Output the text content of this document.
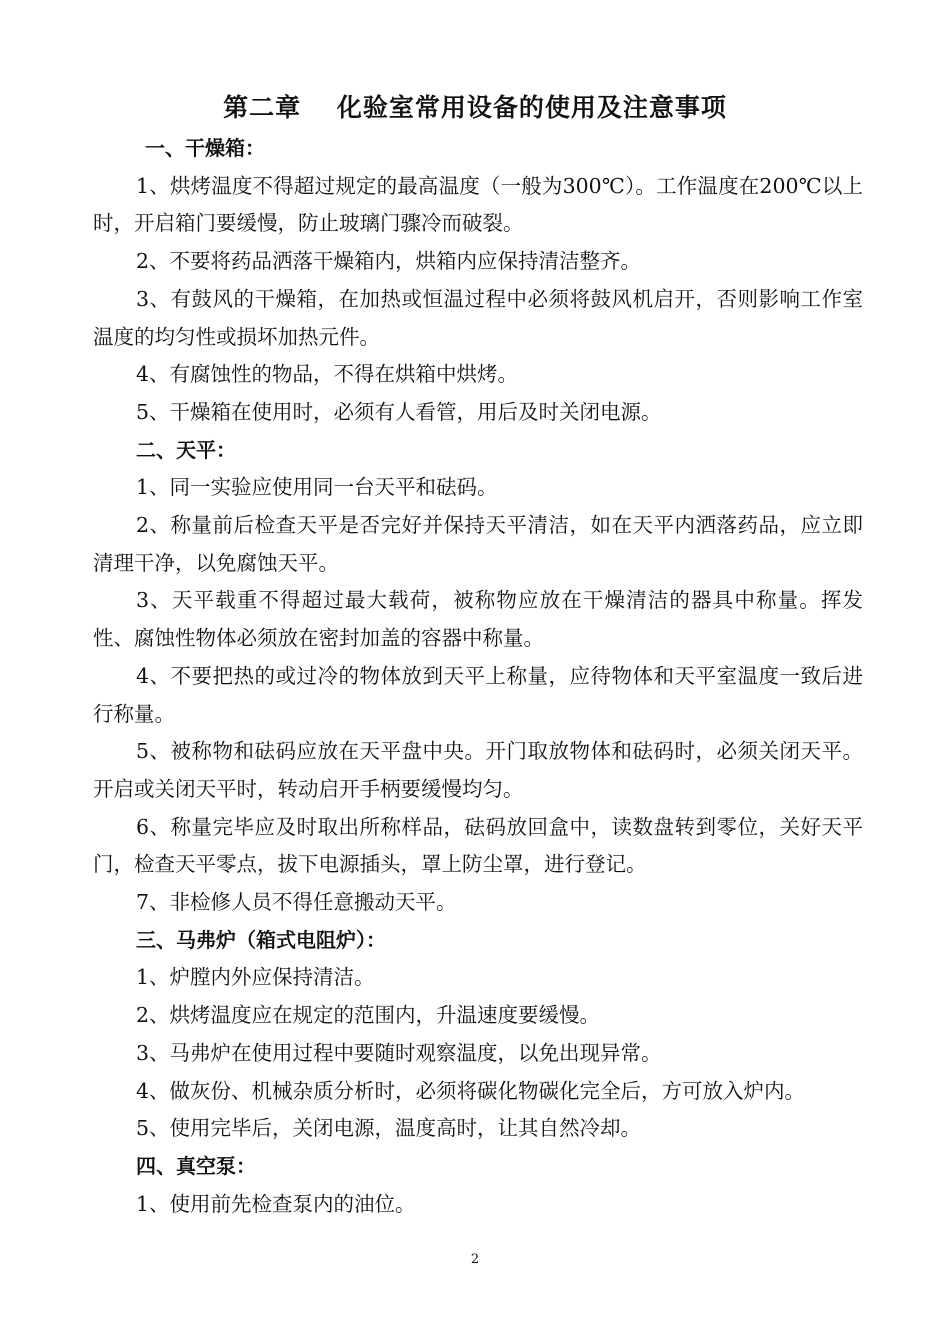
第二章　 化验室常用设备的使用及注意事项

一、干燥箱：

1、烘烤温度不得超过规定的最高温度（一般为300℃）。工作温度在200℃以上时，开启箱门要缓慢，防止玻璃门骤冷而破裂。

2、不要将药品洒落干燥箱内，烘箱内应保持清洁整齐。

3、有鼓风的干燥箱，在加热或恒温过程中必须将鼓风机启开，否则影响工作室温度的均匀性或损坏加热元件。

4、有腐蚀性的物品，不得在烘箱中烘烤。

5、干燥箱在使用时，必须有人看管，用后及时关闭电源。

二、天平：

1、同一实验应使用同一台天平和砝码。

2、称量前后检查天平是否完好并保持天平清洁，如在天平内洒落药品，应立即清理干净，以免腐蚀天平。

3、天平载重不得超过最大载荷，被称物应放在干燥清洁的器具中称量。挥发性、腐蚀性物体必须放在密封加盖的容器中称量。

4、不要把热的或过冷的物体放到天平上称量，应待物体和天平室温度一致后进行称量。

5、被称物和砝码应放在天平盘中央。开门取放物体和砝码时，必须关闭天平。开启或关闭天平时，转动启开手柄要缓慢均匀。

6、称量完毕应及时取出所称样品，砝码放回盒中，读数盘转到零位，关好天平门，检查天平零点，拔下电源插头，罩上防尘罩，进行登记。

7、非检修人员不得任意搬动天平。

三、马弗炉（箱式电阻炉）：

1、炉膛内外应保持清洁。

2、烘烤温度应在规定的范围内，升温速度要缓慢。

3、马弗炉在使用过程中要随时观察温度，以免出现异常。

4、做灰份、机械杂质分析时，必须将碳化物碳化完全后，方可放入炉内。

5、使用完毕后，关闭电源，温度高时，让其自然冷却。

四、真空泵：

1、使用前先检查泵内的油位。

2
